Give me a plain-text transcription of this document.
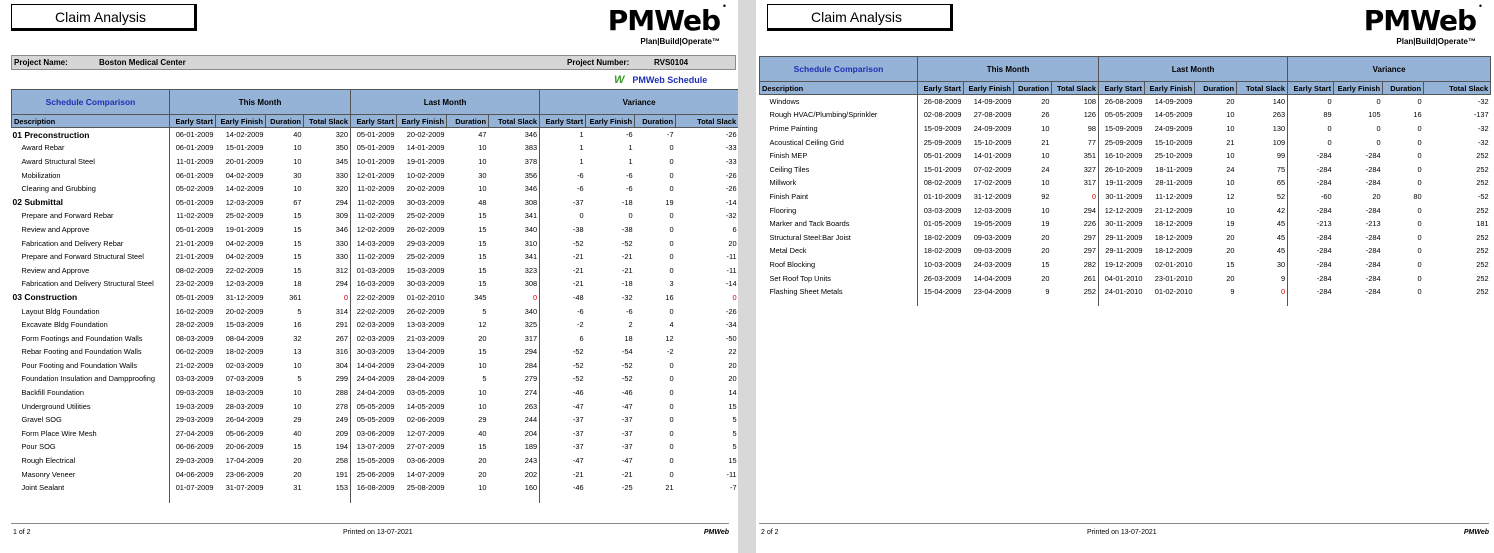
Claim Analysis	PMWeb
Plan|Build|Operate™
•
Project Name:	Boston Medical Center	Project Number:	RVS0104
W PMWeb Schedule
Schedule Comparison	This Month				Last Month				Variance			
Description	Early Start	Early Finish	Duration	Total Slack	Early Start	Early Finish	Duration	Total Slack	Early Start	Early Finish	Duration	Total Slack
01 Preconstruction	06-01-2009	14-02-2009	40	320	05-01-2009	20-02-2009	47	346	1	-6	-7	-26
Award Rebar	06-01-2009	15-01-2009	10	350	05-01-2009	14-01-2009	10	383	1	1	0	-33
Award Structural Steel	11-01-2009	20-01-2009	10	345	10-01-2009	19-01-2009	10	378	1	1	0	-33
Mobilization	06-01-2009	04-02-2009	30	330	12-01-2009	10-02-2009	30	356	-6	-6	0	-26
Clearing and Grubbing	05-02-2009	14-02-2009	10	320	11-02-2009	20-02-2009	10	346	-6	-6	0	-26
02 Submittal	05-01-2009	12-03-2009	67	294	11-02-2009	30-03-2009	48	308	-37	-18	19	-14
Prepare and Forward Rebar	11-02-2009	25-02-2009	15	309	11-02-2009	25-02-2009	15	341	0	0	0	-32
Review and Approve	05-01-2009	19-01-2009	15	346	12-02-2009	26-02-2009	15	340	-38	-38	0	6
Fabrication and Delivery Rebar	21-01-2009	04-02-2009	15	330	14-03-2009	29-03-2009	15	310	-52	-52	0	20
Prepare and Forward Structural Steel	21-01-2009	04-02-2009	15	330	11-02-2009	25-02-2009	15	341	-21	-21	0	-11
Review and Approve	08-02-2009	22-02-2009	15	312	01-03-2009	15-03-2009	15	323	-21	-21	0	-11
Fabrication and Delivery Structural Steel	23-02-2009	12-03-2009	18	294	16-03-2009	30-03-2009	15	308	-21	-18	3	-14
03 Construction	05-01-2009	31-12-2009	361	0	22-02-2009	01-02-2010	345	0	-48	-32	16	0
Layout Bldg Foundation	16-02-2009	20-02-2009	5	314	22-02-2009	26-02-2009	5	340	-6	-6	0	-26
Excavate Bldg Foundation	28-02-2009	15-03-2009	16	291	02-03-2009	13-03-2009	12	325	-2	2	4	-34
Form Footings and Foundation Walls	08-03-2009	08-04-2009	32	267	02-03-2009	21-03-2009	20	317	6	18	12	-50
Rebar Footing and Foundation Walls	06-02-2009	18-02-2009	13	316	30-03-2009	13-04-2009	15	294	-52	-54	-2	22
Pour Footing and Foundation Walls	21-02-2009	02-03-2009	10	304	14-04-2009	23-04-2009	10	284	-52	-52	0	20
Foundation Insulation and Dampproofing	03-03-2009	07-03-2009	5	299	24-04-2009	28-04-2009	5	279	-52	-52	0	20
Backfill Foundation	09-03-2009	18-03-2009	10	288	24-04-2009	03-05-2009	10	274	-46	-46	0	14
Underground Utilities	19-03-2009	28-03-2009	10	278	05-05-2009	14-05-2009	10	263	-47	-47	0	15
Gravel SOG	29-03-2009	26-04-2009	29	249	05-05-2009	02-06-2009	29	244	-37	-37	0	5
Form Place Wire Mesh	27-04-2009	05-06-2009	40	209	03-06-2009	12-07-2009	40	204	-37	-37	0	5
Pour SOG	06-06-2009	20-06-2009	15	194	13-07-2009	27-07-2009	15	189	-37	-37	0	5
Rough Electrical	29-03-2009	17-04-2009	20	258	15-05-2009	03-06-2009	20	243	-47	-47	0	15
Masonry Veneer	04-06-2009	23-06-2009	20	191	25-06-2009	14-07-2009	20	202	-21	-21	0	-11
Joint Sealant	01-07-2009	31-07-2009	31	153	16-08-2009	25-08-2009	10	160	-46	-25	21	-7

1 of 2	Printed on 13-07-2021	PMWeb
Claim Analysis	PMWeb
Plan|Build|Operate™
•
Schedule Comparison	This Month				Last Month				Variance			
Description	Early Start	Early Finish	Duration	Total Slack	Early Start	Early Finish	Duration	Total Slack	Early Start	Early Finish	Duration	Total Slack
Windows	26-08-2009	14-09-2009	20	108	26-08-2009	14-09-2009	20	140	0	0	0	-32
Rough HVAC/Plumbing/Sprinkler	02-08-2009	27-08-2009	26	126	05-05-2009	14-05-2009	10	263	89	105	16	-137
Prime Painting	15-09-2009	24-09-2009	10	98	15-09-2009	24-09-2009	10	130	0	0	0	-32
Acoustical Ceiling Grid	25-09-2009	15-10-2009	21	77	25-09-2009	15-10-2009	21	109	0	0	0	-32
Finish MEP	05-01-2009	14-01-2009	10	351	16-10-2009	25-10-2009	10	99	-284	-284	0	252
Ceiling Tiles	15-01-2009	07-02-2009	24	327	26-10-2009	18-11-2009	24	75	-284	-284	0	252
Millwork	08-02-2009	17-02-2009	10	317	19-11-2009	28-11-2009	10	65	-284	-284	0	252
Finish Paint	01-10-2009	31-12-2009	92	0	30-11-2009	11-12-2009	12	52	-60	20	80	-52
Flooring	03-03-2009	12-03-2009	10	294	12-12-2009	21-12-2009	10	42	-284	-284	0	252
Marker and Tack Boards	01-05-2009	19-05-2009	19	226	30-11-2009	18-12-2009	19	45	-213	-213	0	181
Structural Steel:Bar Joist	18-02-2009	09-03-2009	20	297	29-11-2009	18-12-2009	20	45	-284	-284	0	252
Metal Deck	18-02-2009	09-03-2009	20	297	29-11-2009	18-12-2009	20	45	-284	-284	0	252
Roof Blocking	10-03-2009	24-03-2009	15	282	19-12-2009	02-01-2010	15	30	-284	-284	0	252
Set Roof Top Units	26-03-2009	14-04-2009	20	261	04-01-2010	23-01-2010	20	9	-284	-284	0	252
Flashing Sheet Metals	15-04-2009	23-04-2009	9	252	24-01-2010	01-02-2010	9	0	-284	-284	0	252

2 of 2	Printed on 13-07-2021	PMWeb
